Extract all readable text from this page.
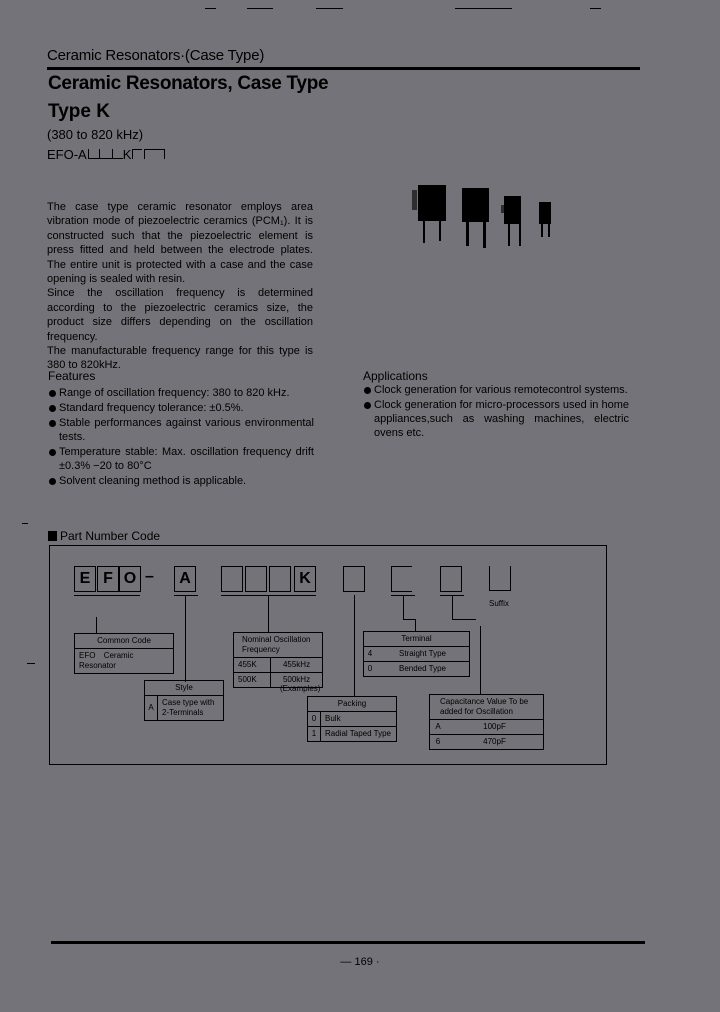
Ceramic Resonators·(Case Type)
Ceramic Resonators, Case Type
Type K
(380 to 820 kHz)
EFO-A	K

The case type ceramic resonator employs area vibration mode of piezoelectric ceramics (PCM₁). It is constructed such that the piezoelectric element is press fitted and held between the electrode plates. The entire unit is protected with a case and the case opening is sealed with resin.

Since the oscillation frequency is determined according to the piezoelectric ceramics size, the product size differs depending on the oscillation frequency.

The manufacturable frequency range for this type is 380 to 820kHz.

Features
Range of oscillation frequency: 380 to 820 kHz.
Standard frequency tolerance: ±0.5%.
Stable performances against various environmental tests.
Temperature stable: Max. oscillation frequency drift ±0.3% −20 to 80°C
Solvent cleaning method is applicable.
Applications
Clock generation for various remotecontrol systems.
Clock generation for micro-processors used in home appliances,such as washing machines, electric ovens etc.
Part Number Code
E F O –	A	K
Suffix
Common Code
EFO Ceramic Resonator
Style
A
Case type with 2-Terminals
Nominal Oscillation Frequency
455K	455kHz
500K	500kHz
(Examples)
Packing
0	Bulk
1	Radial Taped Type
Terminal
4	Straight Type
0	Bended Type
Capacitance Value To be added for Oscillation
A	100pF
6	470pF
— 169 ·
